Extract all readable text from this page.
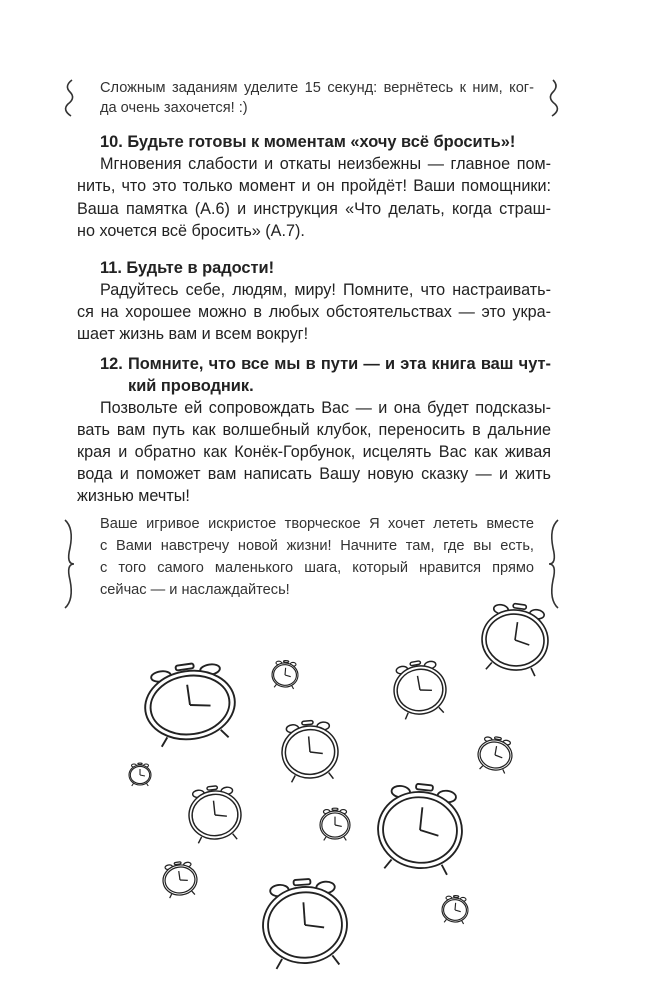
Сложным заданиям уделите 15 секунд: вернётесь к ним, ког-
да очень захочется! :)
10. Будьте готовы к моментам «хочу всё бросить»!
Мгновения слабости и откаты неизбежны — главное пом-
нить, что это только момент и он пройдёт! Ваши помощники:
Ваша памятка (А.6) и инструкция «Что делать, когда страш-
но хочется всё бросить» (А.7).
11. Будьте в радости!
Радуйтесь себе, людям, миру! Помните, что настраивать-
ся на хорошее можно в любых обстоятельствах — это укра-
шает жизнь вам и всем вокруг!
12. Помните, что все мы в пути — и эта книга ваш чут-
кий проводник.
Позвольте ей сопровождать Вас — и она будет подсказы-
вать вам путь как волшебный клубок, переносить в дальние
края и обратно как Конёк-Горбунок, исцелять Вас как живая
вода и поможет вам написать Вашу новую сказку — и жить
жизнью мечты!
Ваше игривое искристое творческое Я хочет лететь вместе
с Вами навстречу новой жизни! Начните там, где вы есть,
с того самого маленького шага, который нравится прямо
сейчас — и наслаждайтесь!
